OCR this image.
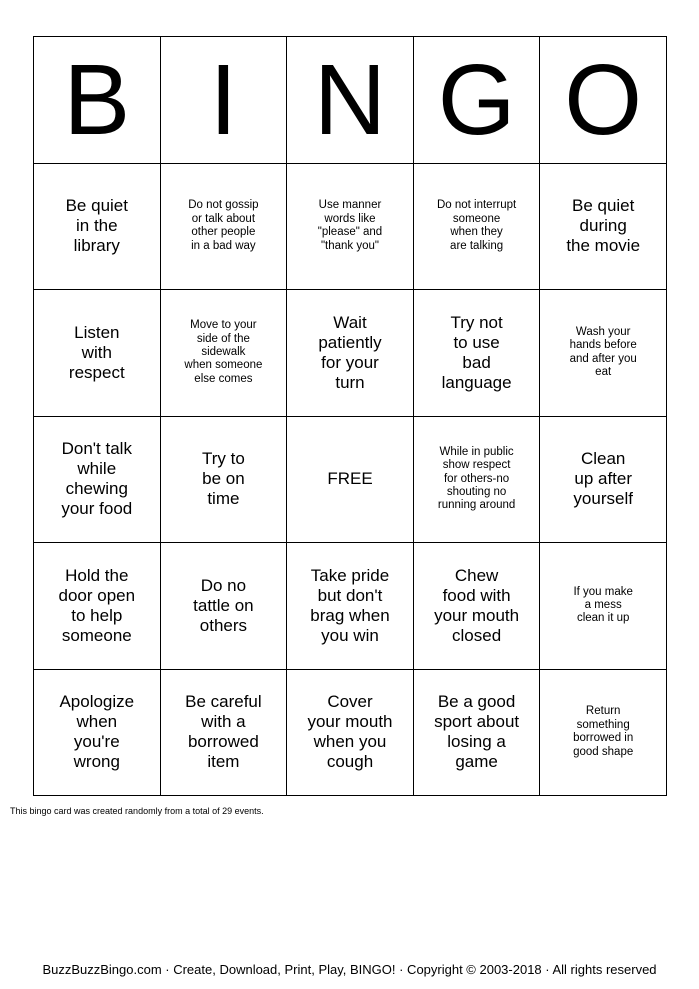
B I N G O
Be quiet
in the
library
Do not gossip
or talk about
other people
in a bad way
Use manner
words like
"please" and
"thank you"
Do not interrupt
someone
when they
are talking
Be quiet
during
the movie
Listen
with
respect
Move to your
side of the
sidewalk
when someone
else comes
Wait
patiently
for your
turn
Try not
to use
bad
language
Wash your
hands before
and after you
eat
Don't talk
while
chewing
your food
Try to
be on
time
FREE
While in public
show respect
for others-no
shouting no
running around
Clean
up after
yourself
Hold the
door open
to help
someone
Do no
tattle on
others
Take pride
but don't
brag when
you win
Chew
food with
your mouth
closed
If you make
a mess
clean it up
Apologize
when
you're
wrong
Be careful
with a
borrowed
item
Cover
your mouth
when you
cough
Be a good
sport about
losing a
game
Return
something
borrowed in
good shape
This bingo card was created randomly from a total of 29 events.
BuzzBuzzBingo.com · Create, Download, Print, Play, BINGO! · Copyright © 2003-2018 · All rights reserved
